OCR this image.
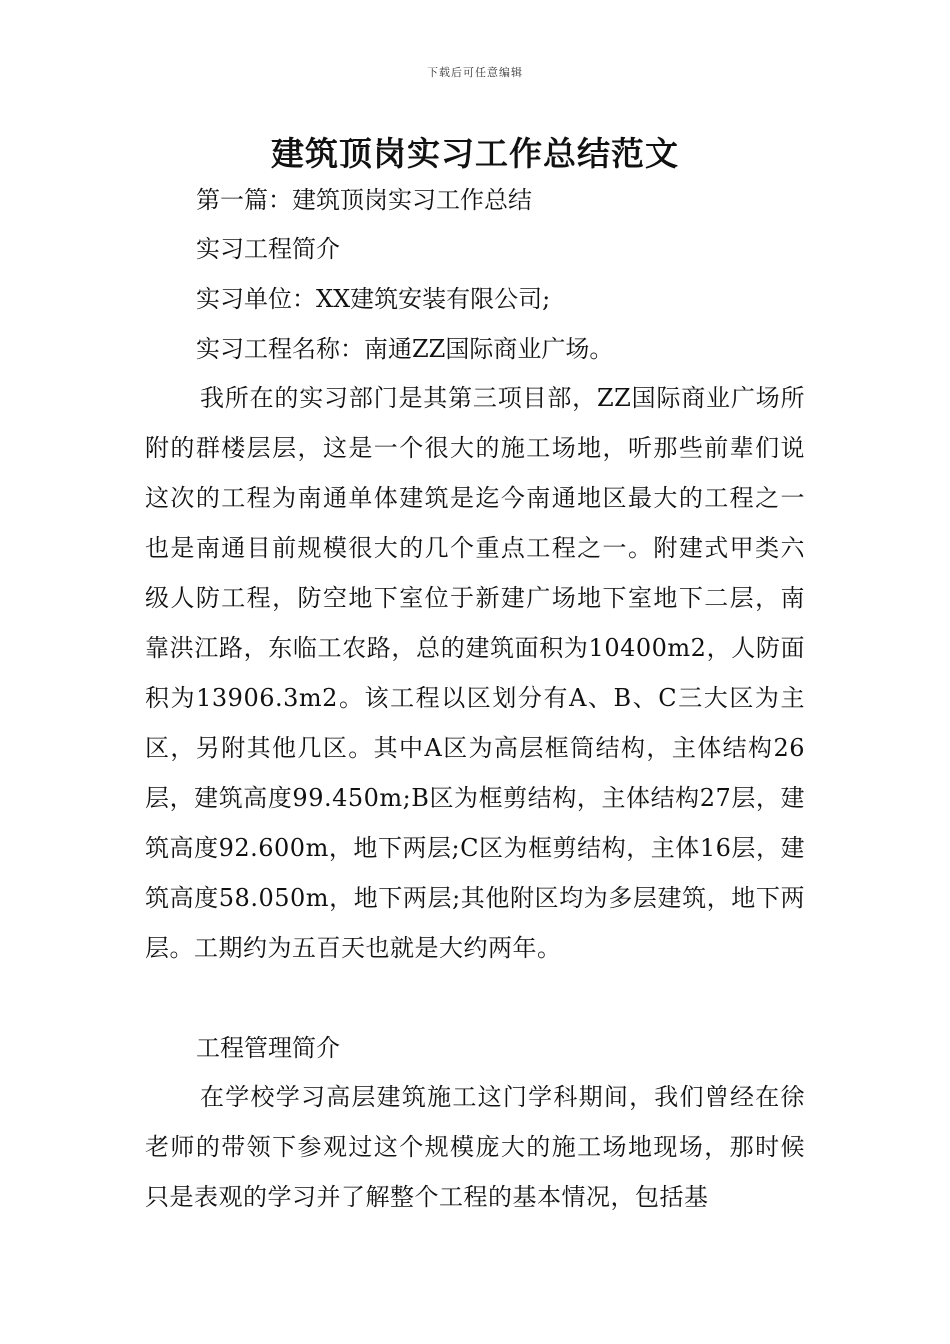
下载后可任意编辑
建筑顶岗实习工作总结范文
第一篇：建筑顶岗实习工作总结
实习工程简介
实习单位：XX建筑安装有限公司;
实习工程名称：南通ZZ国际商业广场。

我所在的实习部门是其第三项目部，ZZ国际商业广场所附的群楼层层，这是一个很大的施工场地，听那些前辈们说这次的工程为南通单体建筑是迄今南通地区最大的工程之一也是南通目前规模很大的几个重点工程之一。附建式甲类六级人防工程，防空地下室位于新建广场地下室地下二层，南靠洪江路，东临工农路，总的建筑面积为10400m2，人防面积为13906.3m2。该工程以区划分有A、B、C三大区为主区，另附其他几区。其中A区为高层框筒结构，主体结构26层，建筑高度99.450m;B区为框剪结构，主体结构27层，建筑高度92.600m，地下两层;C区为框剪结构，主体16层，建筑高度58.050m，地下两层;其他附区均为多层建筑，地下两层。工期约为五百天也就是大约两年。

工程管理简介

在学校学习高层建筑施工这门学科期间，我们曾经在徐老师的带领下参观过这个规模庞大的施工场地现场，那时候只是表观的学习并了解整个工程的基本情况，包括基
